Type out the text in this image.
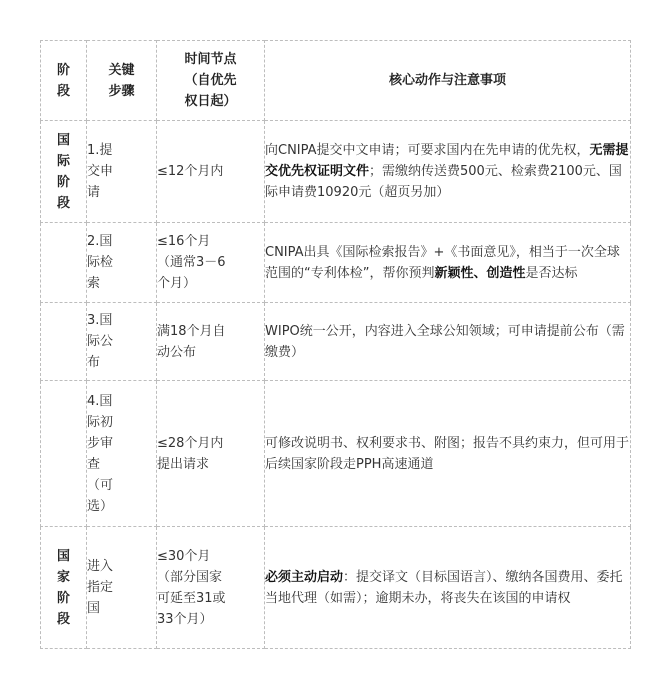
阶段	关键步骤	时间节点（自优先权日起）	核心动作与注意事项

国际阶段	1.提交申请	≤12个月内	向CNIPA提交中文申请；可要求国内在先申请的优先权，无需提交优先权证明文件；需缴纳传送费500元、检索费2100元、国际申请费10920元（超页另加）

	2.国际检索	≤16个月（通常3－6个月）	CNIPA出具《国际检索报告》+《书面意见》，相当于一次全球范围的“专利体检”，帮你预判新颖性、创造性是否达标

	3.国际公布	满18个月自动公布	WIPO统一公开，内容进入全球公知领域；可申请提前公布（需缴费）

	4.国际初步审查（可选）	≤28个月内提出请求	可修改说明书、权利要求书、附图；报告不具约束力，但可用于后续国家阶段走PPH高速通道

国家阶段	进入指定国	≤30个月（部分国家可延至31或33个月）	必须主动启动：提交译文（目标国语言）、缴纳各国费用、委托当地代理（如需）；逾期未办，将丧失在该国的申请权
